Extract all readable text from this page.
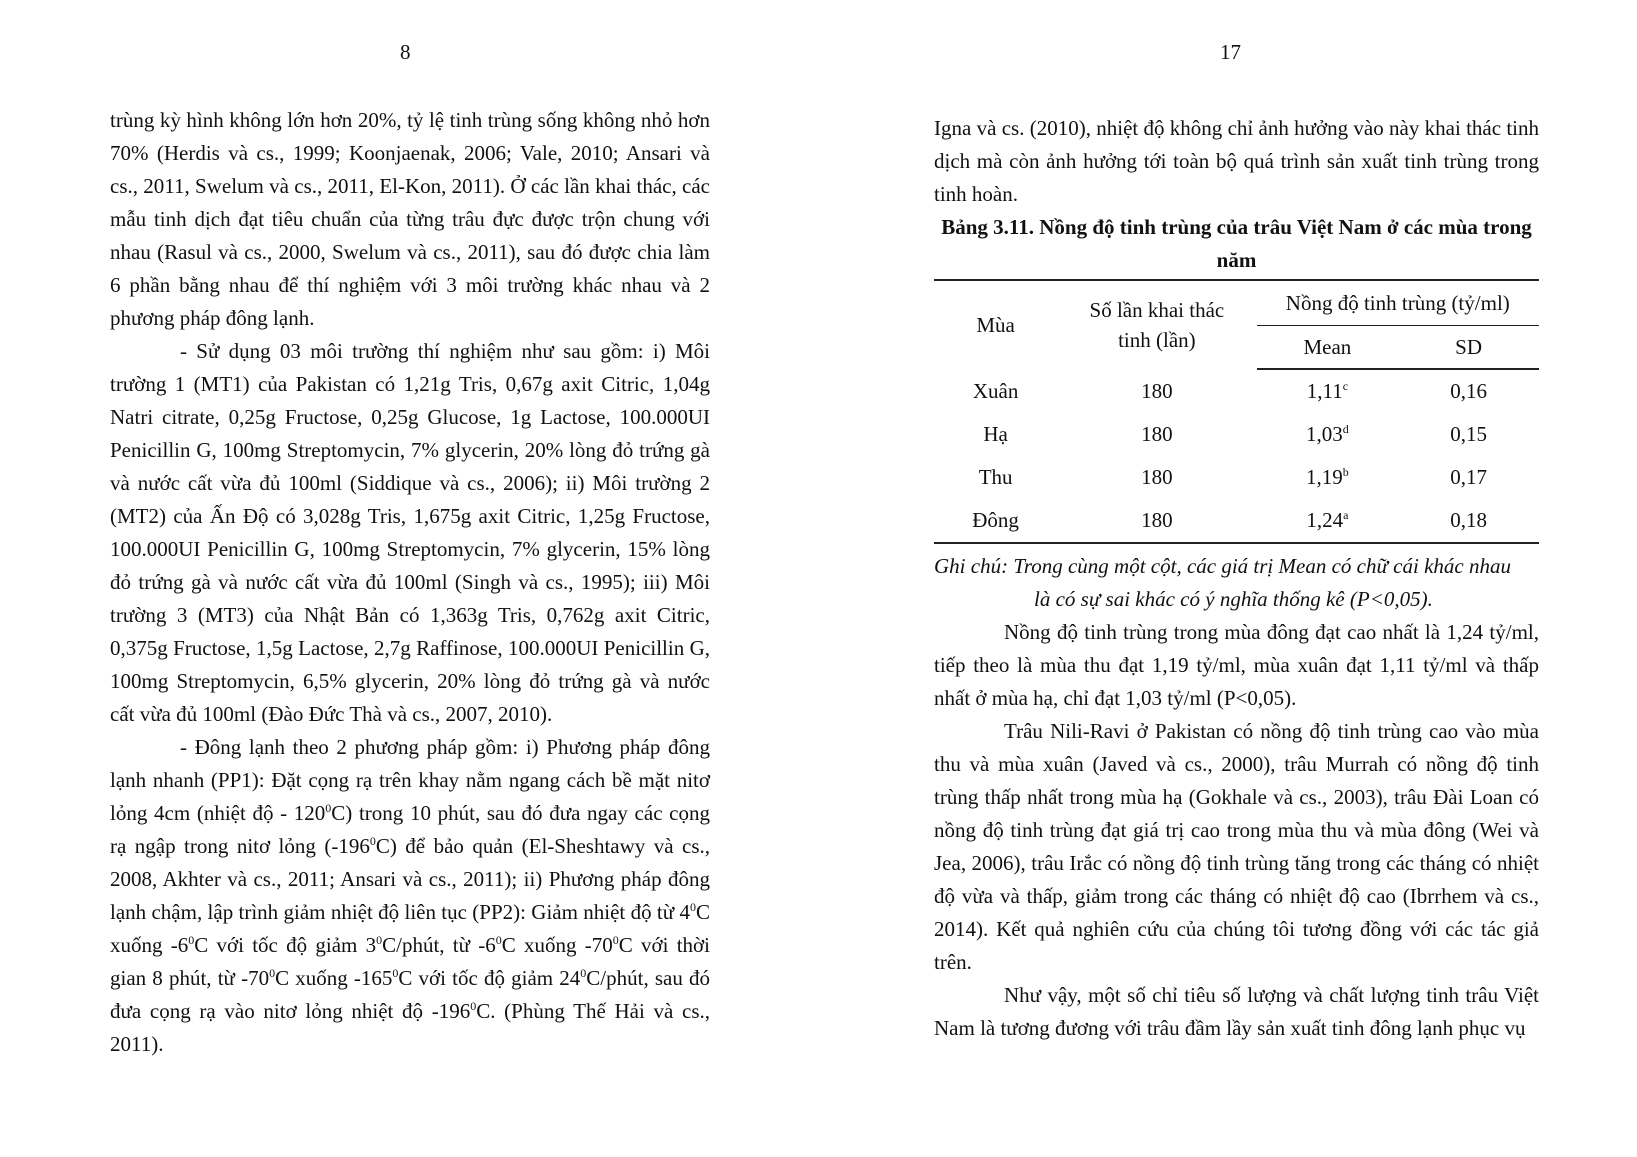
8

trùng kỳ hình không lớn hơn 20%, tỷ lệ tinh trùng sống không nhỏ hơn 70% (Herdis và cs., 1999; Koonjaenak, 2006; Vale, 2010; Ansari và cs., 2011, Swelum và cs., 2011, El-Kon, 2011). Ở các lần khai thác, các mẫu tinh dịch đạt tiêu chuẩn của từng trâu đực được trộn chung với nhau (Rasul và cs., 2000, Swelum và cs., 2011), sau đó được chia làm 6 phần bằng nhau để thí nghiệm với 3 môi trường khác nhau và 2 phương pháp đông lạnh.

- Sử dụng 03 môi trường thí nghiệm như sau gồm: i) Môi trường 1 (MT1) của Pakistan có 1,21g Tris, 0,67g axit Citric, 1,04g Natri citrate, 0,25g Fructose, 0,25g Glucose, 1g Lactose, 100.000UI Penicillin G, 100mg Streptomycin, 7% glycerin, 20% lòng đỏ trứng gà và nước cất vừa đủ 100ml (Siddique và cs., 2006); ii) Môi trường 2 (MT2) của Ấn Độ có 3,028g Tris, 1,675g axit Citric, 1,25g Fructose, 100.000UI Penicillin G, 100mg Streptomycin, 7% glycerin, 15% lòng đỏ trứng gà và nước cất vừa đủ 100ml (Singh và cs., 1995); iii) Môi trường 3 (MT3) của Nhật Bản có 1,363g Tris, 0,762g axit Citric, 0,375g Fructose, 1,5g Lactose, 2,7g Raffinose, 100.000UI Penicillin G, 100mg Streptomycin, 6,5% glycerin, 20% lòng đỏ trứng gà và nước cất vừa đủ 100ml (Đào Đức Thà và cs., 2007, 2010).

- Đông lạnh theo 2 phương pháp gồm: i) Phương pháp đông lạnh nhanh (PP1): Đặt cọng rạ trên khay nằm ngang cách bề mặt nitơ lỏng 4cm (nhiệt độ - $120^0C$) trong 10 phút, sau đó đưa ngay các cọng rạ ngập trong nitơ lỏng $(-196^0C)$ để bảo quản (El-Sheshtawy và cs., 2008, Akhter và cs., 2011; Ansari và cs., 2011); ii) Phương pháp đông lạnh chậm, lập trình giảm nhiệt độ liên tục (PP2): Giảm nhiệt độ từ $4^0C$ xuống $-6^0C$ với tốc độ giảm $3^0C$/phút, từ $-6^0C$ xuống $-70^0C$ với thời gian 8 phút, từ $-70^0C$ xuống $-165^0C$ với tốc độ giảm $24^0C$/phút, sau đó đưa cọng rạ vào nitơ lỏng nhiệt độ $-196^0C$. (Phùng Thế Hải và cs., 2011).

17

Igna và cs. (2010), nhiệt độ không chỉ ảnh hưởng vào này khai thác tinh dịch mà còn ảnh hưởng tới toàn bộ quá trình sản xuất tinh trùng trong tinh hoàn.

Bảng 3.11. Nồng độ tinh trùng của trâu Việt Nam ở các mùa trong năm

Mùa	Số lần khai thác tinh (lần)	Nồng độ tinh trùng (tỷ/ml)	
		Mean	SD
Xuân	180	1,11$^c$	0,16
Hạ	180	1,03$^d$	0,15
Thu	180	1,19$^b$	0,17
Đông	180	1,24$^a$	0,18

Ghi chú: Trong cùng một cột, các giá trị Mean có chữ cái khác nhau
là có sự sai khác có ý nghĩa thống kê (P<0,05).

Nồng độ tinh trùng trong mùa đông đạt cao nhất là 1,24 tỷ/ml, tiếp theo là mùa thu đạt 1,19 tỷ/ml, mùa xuân đạt 1,11 tỷ/ml và thấp nhất ở mùa hạ, chỉ đạt 1,03 tỷ/ml (P<0,05).

Trâu Nili-Ravi ở Pakistan có nồng độ tinh trùng cao vào mùa thu và mùa xuân (Javed và cs., 2000), trâu Murrah có nồng độ tinh trùng thấp nhất trong mùa hạ (Gokhale và cs., 2003), trâu Đài Loan có nồng độ tinh trùng đạt giá trị cao trong mùa thu và mùa đông (Wei và Jea, 2006), trâu Irắc có nồng độ tinh trùng tăng trong các tháng có nhiệt độ vừa và thấp, giảm trong các tháng có nhiệt độ cao (Ibrrhem và cs., 2014). Kết quả nghiên cứu của chúng tôi tương đồng với các tác giả trên.

Như vậy, một số chỉ tiêu số lượng và chất lượng tinh trâu Việt Nam là tương đương với trâu đầm lầy sản xuất tinh đông lạnh phục vụ
